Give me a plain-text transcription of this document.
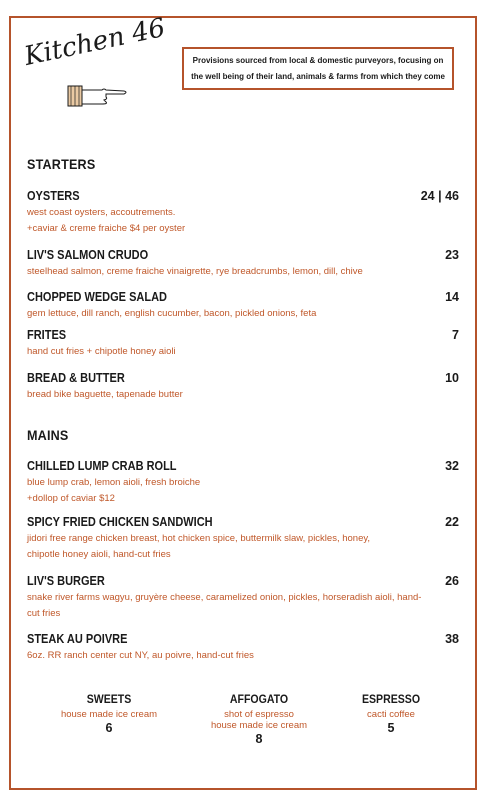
Kitchen 46	Provisions sourced from local & domestic purveyors, focusing on the well being of their land, animals & farms from which they come
STARTERS
OYSTERS	24 | 46
west coast oysters, accoutrements.
+caviar & creme fraiche $4 per oyster
LIV'S SALMON CRUDO	23
steelhead salmon, creme fraiche vinaigrette, rye breadcrumbs, lemon, dill, chive
CHOPPED WEDGE SALAD	14
gem lettuce, dill ranch, english cucumber, bacon, pickled onions, feta
FRITES	7
hand cut fries + chipotle honey aioli
BREAD & BUTTER	10
bread bike baguette, tapenade butter
MAINS
CHILLED LUMP CRAB ROLL	32
blue lump crab, lemon aioli, fresh broiche
+dollop of caviar $12
SPICY FRIED CHICKEN SANDWICH	22
jidori free range chicken breast, hot chicken spice, buttermilk slaw, pickles, honey,
chipotle honey aioli, hand-cut fries
LIV'S BURGER	26
snake river farms wagyu, gruyère cheese, caramelized onion, pickles, horseradish aioli, hand-
cut fries
STEAK AU POIVRE	38
6oz. RR ranch center cut NY, au poivre, hand-cut fries
SWEETS
house made ice cream
6
AFFOGATO
shot of espresso
house made ice cream
8
ESPRESSO
cacti coffee
5
